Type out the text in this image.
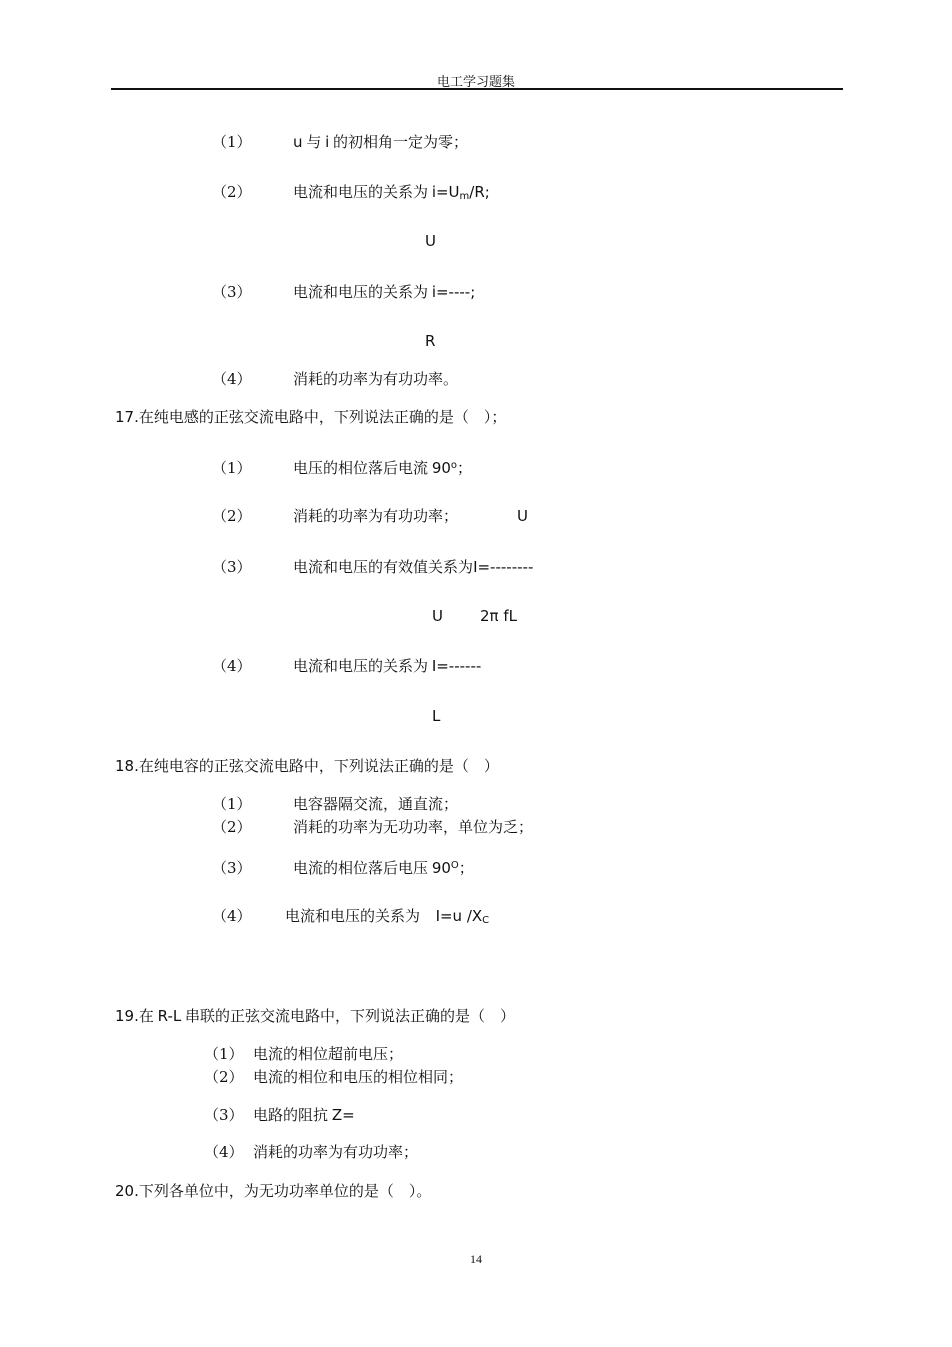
电工学习题集
（1）	u 与 i 的初相角一定为零；
（2）	电流和电压的关系为 $i=U_m/R$;
U
（3）	电流和电压的关系为 i=----;
R
（4）	消耗的功率为有功功率。
17.在纯电感的正弦交流电路中，下列说法正确的是（　）；
（1）	电压的相位落后电流 90$^o$；
（2）	消耗的功率为有功功率；	U
（3）	电流和电压的有效值关系为I=--------
U 2π fL
（4）	电流和电压的关系为 I=------
L
18.在纯电容的正弦交流电路中，下列说法正确的是（　）
（1）	电容器隔交流，通直流；
（2）	消耗的功率为无功功率，单位为乏；
（3）	电流的相位落后电压 $90^O$；
（4） 电流和电压的关系为 I=u $/X_C$
19.在 R-L 串联的正弦交流电路中，下列说法正确的是（　）
（1） 电流的相位超前电压；
（2） 电流的相位和电压的相位相同；
（3） 电路的阻抗 Z=
（4） 消耗的功率为有功功率；
20.下列各单位中，为无功功率单位的是（　）。
14
